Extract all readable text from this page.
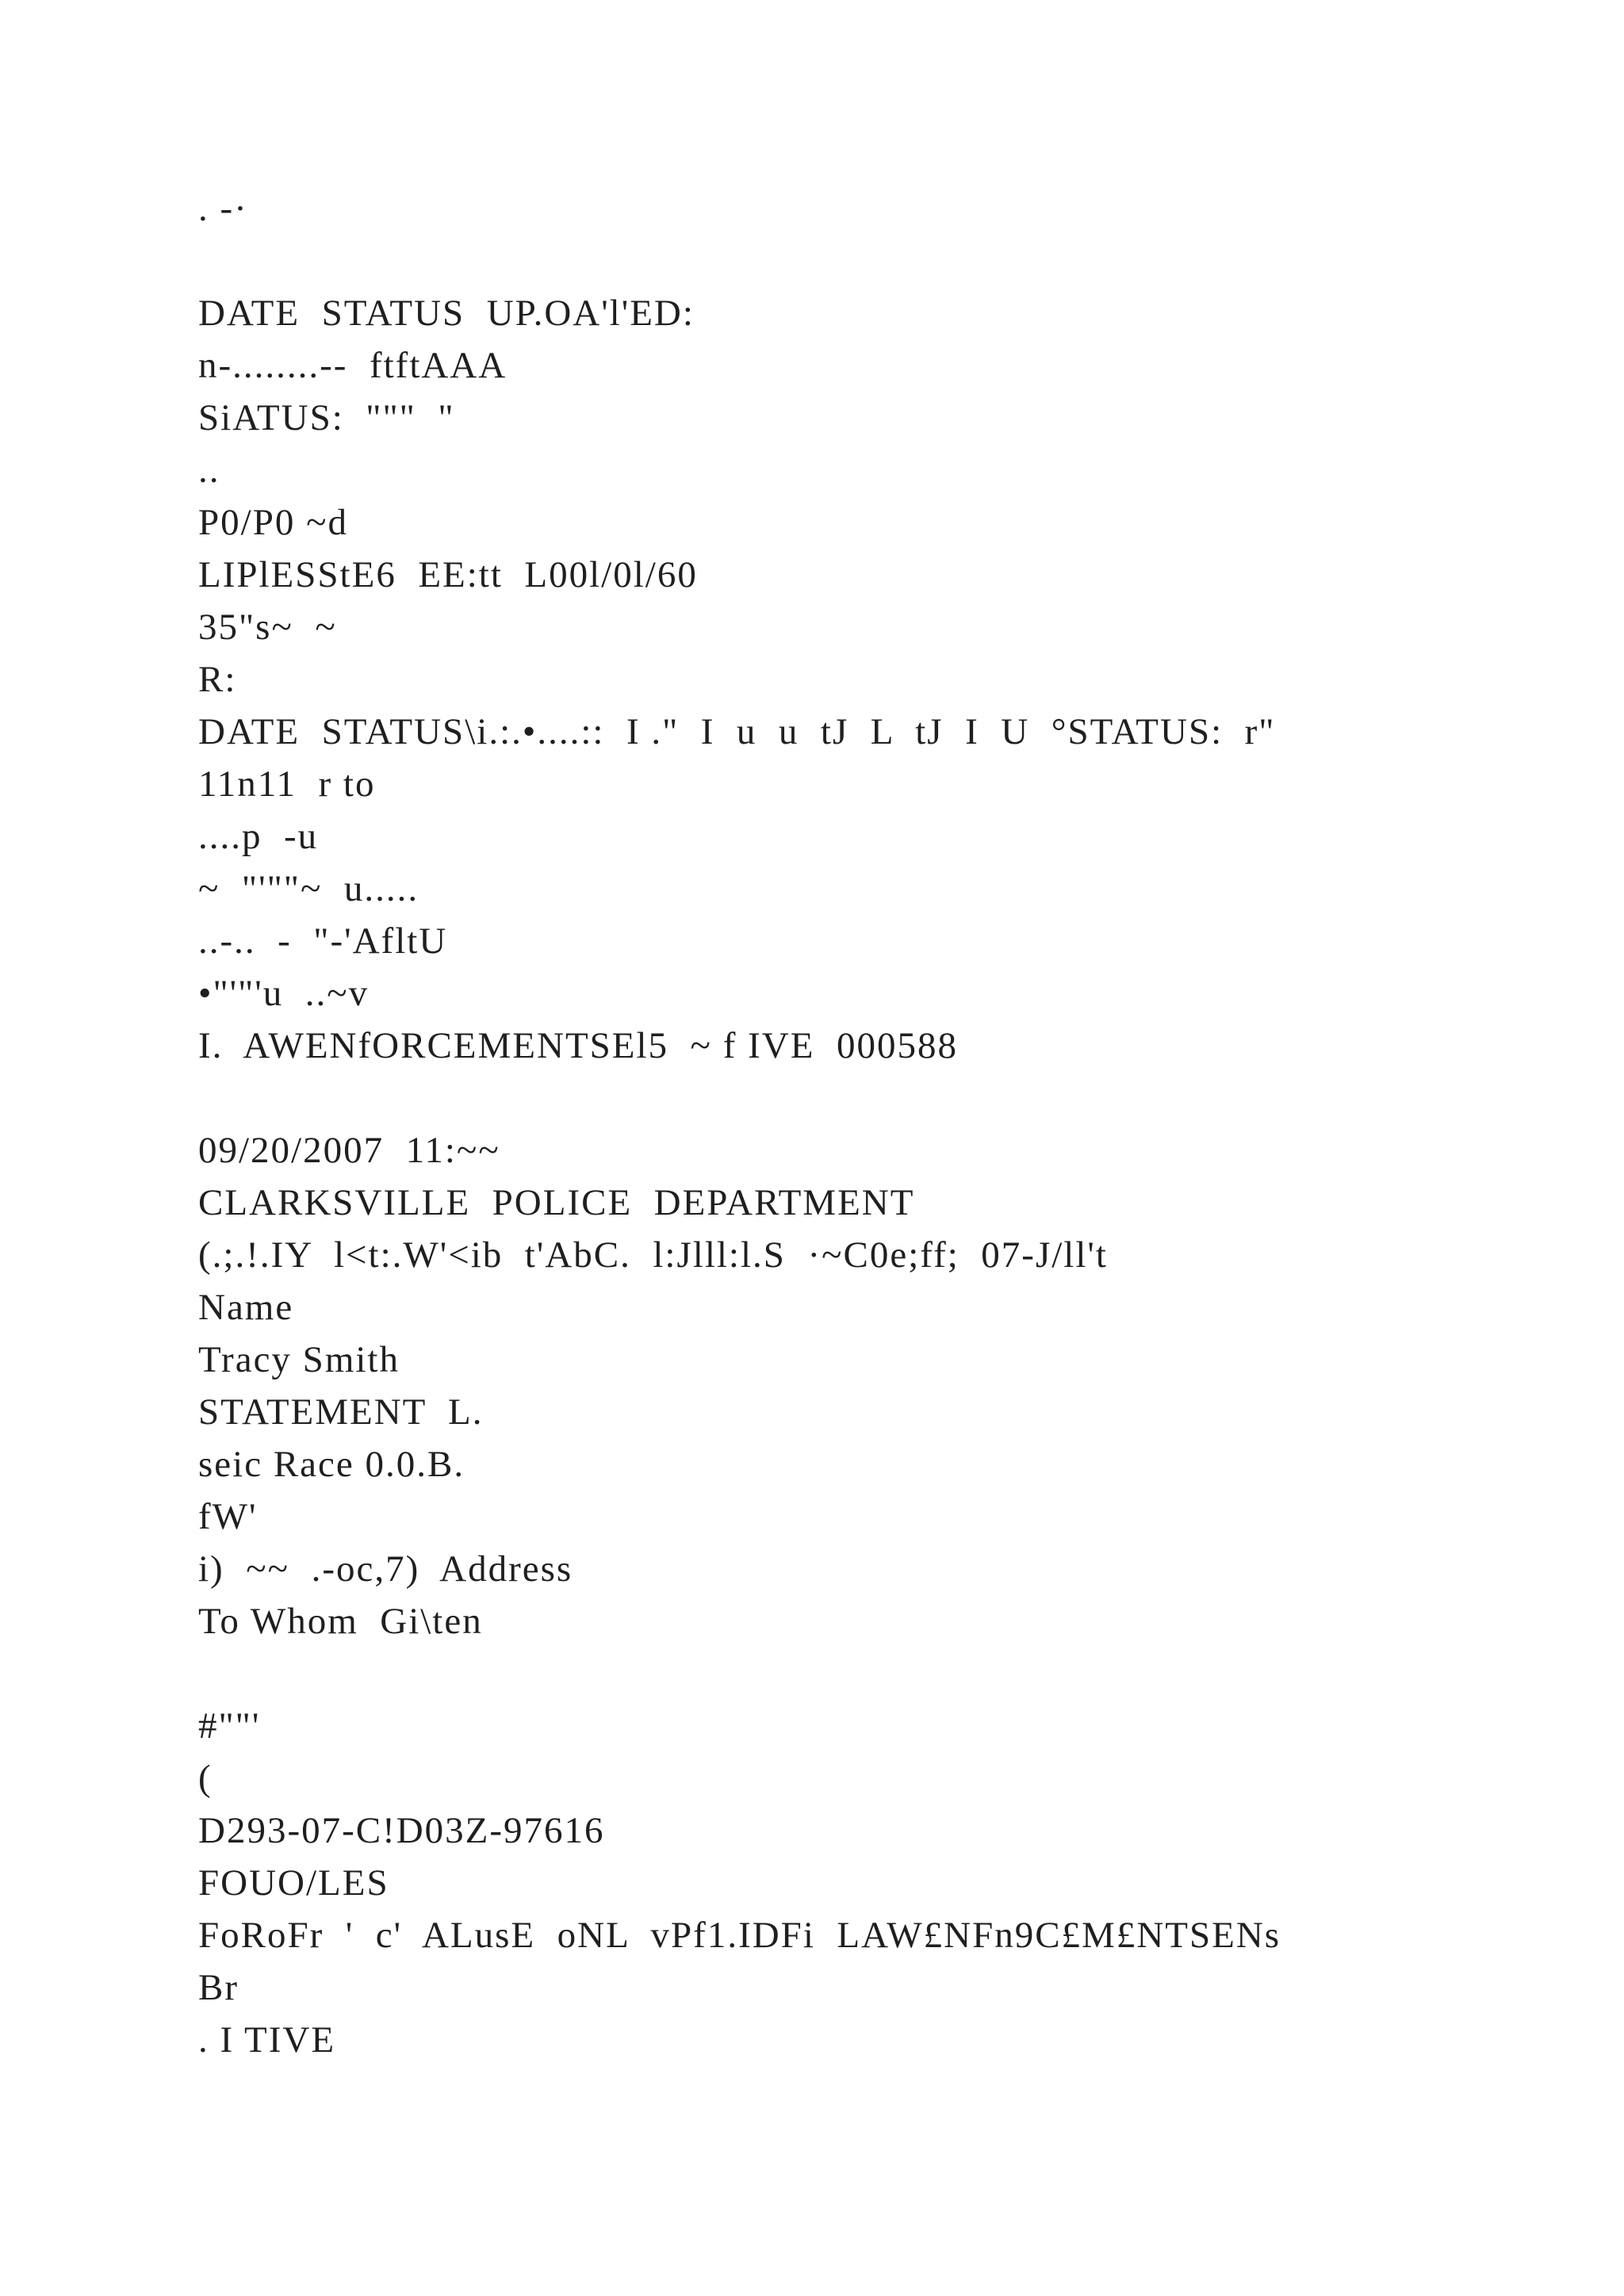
. -·
DATE  STATUS  UP.OA'l'ED:
n-........--  ftftAAA
SiATUS:  """  "
..
P0/P0 ~d
LIPlESStE6  EE:tt  L00l/0l/60
35"s~  ~
R:
DATE  STATUS\i.:.•....::  I ."  I  u  u  tJ  L  tJ  I  U  °STATUS:  r"
11n11  r to
....p  -u
~  "'""~  u.....
..-..  -  "-'AfltU
•"'"'u  ..~v
I.  AWENfORCEMENTSEl5  ~ f IVE  000588
09/20/2007  11:~~
CLARKSVILLE  POLICE  DEPARTMENT
(.;.!.IY  l<t:.W'<ib  t'AbC.  l:Jlll:l.S  ·~C0e;ff;  07-J/ll't
Name
Tracy Smith
STATEMENT  L.
seic Race 0.0.B.
fW'
i)  ~~  .-oc,7)  Address
To Whom  Gi\ten
#""'
(
D293-07-C!D03Z-97616
FOUO/LES
FoRoFr  '  c'  ALusE  oNL  vPf1.IDFi  LAW£NFn9C£M£NTSENs
Br
. I TIVE
